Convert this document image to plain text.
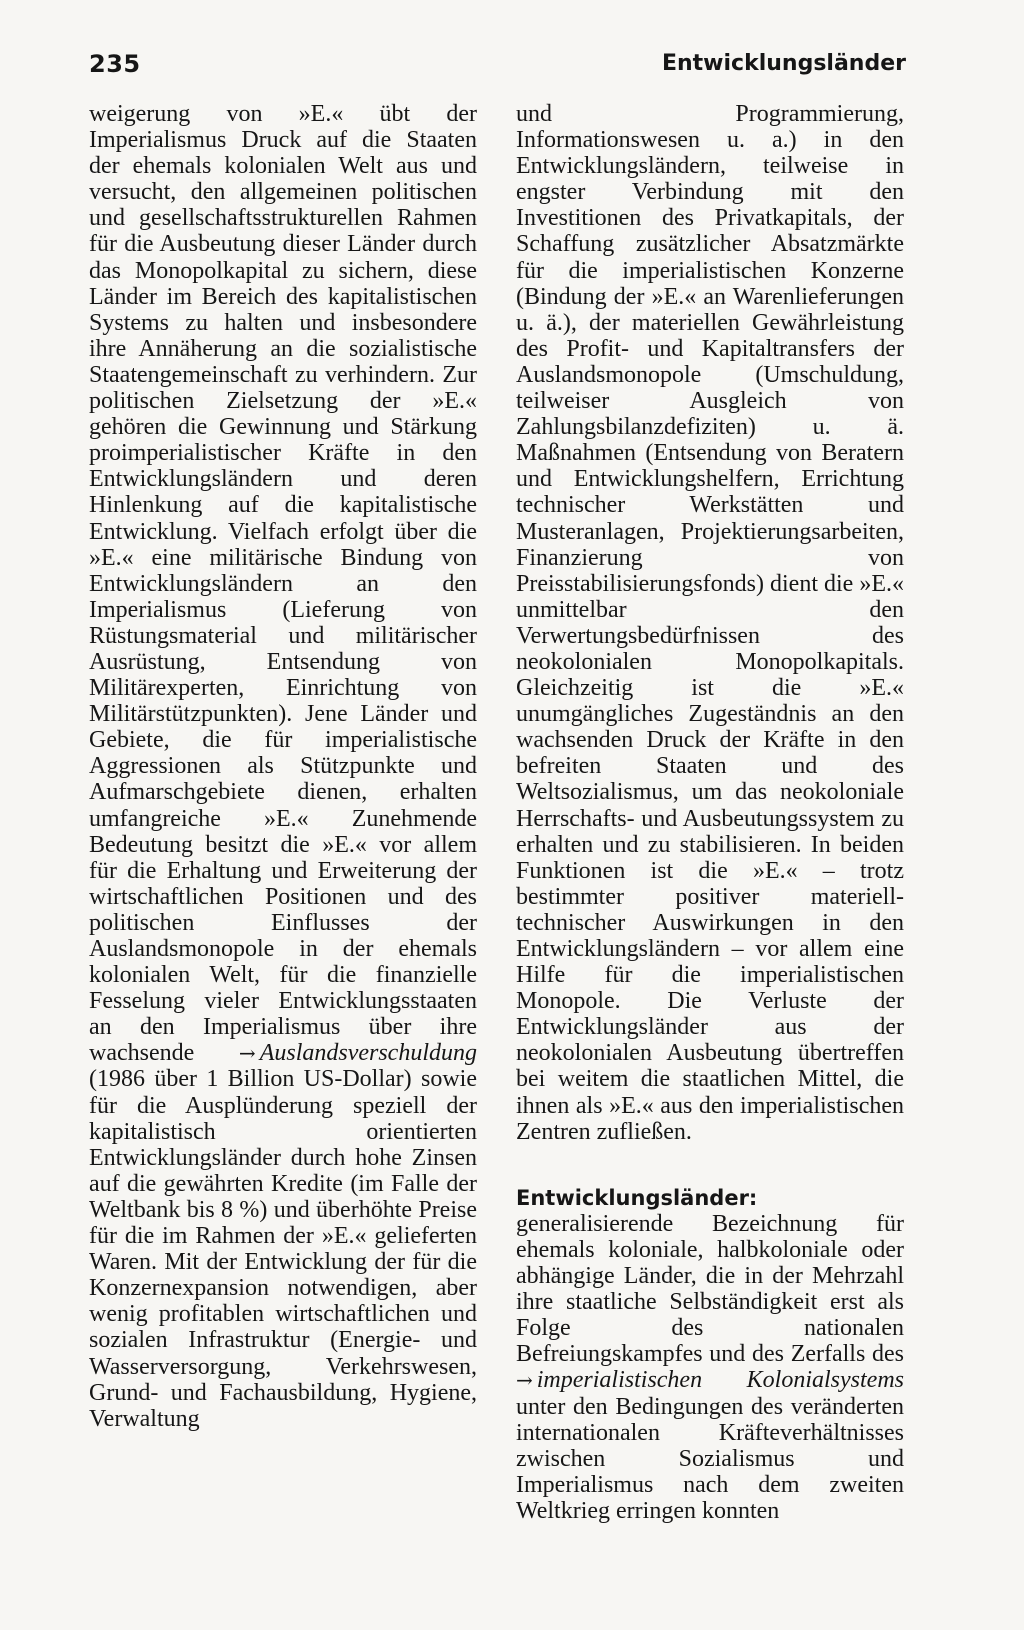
235	Entwicklungsländer

weigerung von »E.« übt der Imperialismus Druck auf die Staaten der ehemals kolonialen Welt aus und versucht, den allgemeinen politischen und gesellschaftsstrukturellen Rahmen für die Ausbeutung dieser Länder durch das Monopolkapital zu sichern, diese Länder im Bereich des kapitalistischen Systems zu halten und insbesondere ihre Annäherung an die sozialistische Staatengemeinschaft zu verhindern. Zur politischen Zielsetzung der »E.« gehören die Gewinnung und Stärkung proimperialistischer Kräfte in den Entwicklungsländern und deren Hinlenkung auf die kapitalistische Entwicklung. Vielfach erfolgt über die »E.« eine militärische Bindung von Entwicklungsländern an den Imperialismus (Lieferung von Rüstungsmaterial und militärischer Ausrüstung, Entsendung von Militärexperten, Einrichtung von Militärstützpunkten). Jene Länder und Gebiete, die für imperialistische Aggressionen als Stützpunkte und Aufmarschgebiete dienen, erhalten umfangreiche »E.« Zunehmende Bedeutung besitzt die »E.« vor allem für die Erhaltung und Erweiterung der wirtschaftlichen Positionen und des politischen Einflusses der Auslandsmonopole in der ehemals kolonialen Welt, für die finanzielle Fesselung vieler Entwicklungsstaaten an den Imperialismus über ihre wachsende → Auslandsverschuldung (1986 über 1 Billion US-Dollar) sowie für die Ausplünderung speziell der kapitalistisch orientierten Entwicklungsländer durch hohe Zinsen auf die gewährten Kredite (im Falle der Weltbank bis 8 %) und überhöhte Preise für die im Rahmen der »E.« gelieferten Waren. Mit der Entwicklung der für die Konzernexpansion notwendigen, aber wenig profitablen wirtschaftlichen und sozialen Infrastruktur (Energie- und Wasserversorgung, Verkehrswesen, Grund- und Fachausbildung, Hygiene, Verwaltung

und Programmierung, Informationswesen u. a.) in den Entwicklungsländern, teilweise in engster Verbindung mit den Investitionen des Privatkapitals, der Schaffung zusätzlicher Absatzmärkte für die imperialistischen Konzerne (Bindung der »E.« an Warenlieferungen u. ä.), der materiellen Gewährleistung des Profit- und Kapitaltransfers der Auslandsmonopole (Umschuldung, teilweiser Ausgleich von Zahlungsbilanzdefiziten) u. ä. Maßnahmen (Entsendung von Beratern und Entwicklungshelfern, Errichtung technischer Werkstätten und Musteranlagen, Projektierungsarbeiten, Finanzierung von Preisstabilisierungsfonds) dient die »E.« unmittelbar den Verwertungsbedürfnissen des neokolonialen Monopolkapitals. Gleichzeitig ist die »E.« unumgängliches Zugeständnis an den wachsenden Druck der Kräfte in den befreiten Staaten und des Weltsozialismus, um das neokoloniale Herrschafts- und Ausbeutungssystem zu erhalten und zu stabilisieren. In beiden Funktionen ist die »E.« – trotz bestimmter positiver materiell-technischer Auswirkungen in den Entwicklungsländern – vor allem eine Hilfe für die imperialistischen Monopole. Die Verluste der Entwicklungsländer aus der neokolonialen Ausbeutung übertreffen bei weitem die staatlichen Mittel, die ihnen als »E.« aus den imperialistischen Zentren zufließen.

Entwicklungsländer: generalisierende Bezeichnung für ehemals koloniale, halbkoloniale oder abhängige Länder, die in der Mehrzahl ihre staatliche Selbständigkeit erst als Folge des nationalen Befreiungskampfes und des Zerfalls des → imperialistischen Kolonialsystems unter den Bedingungen des veränderten internationalen Kräfteverhältnisses zwischen Sozialismus und Imperialismus nach dem zweiten Weltkrieg erringen konnten
